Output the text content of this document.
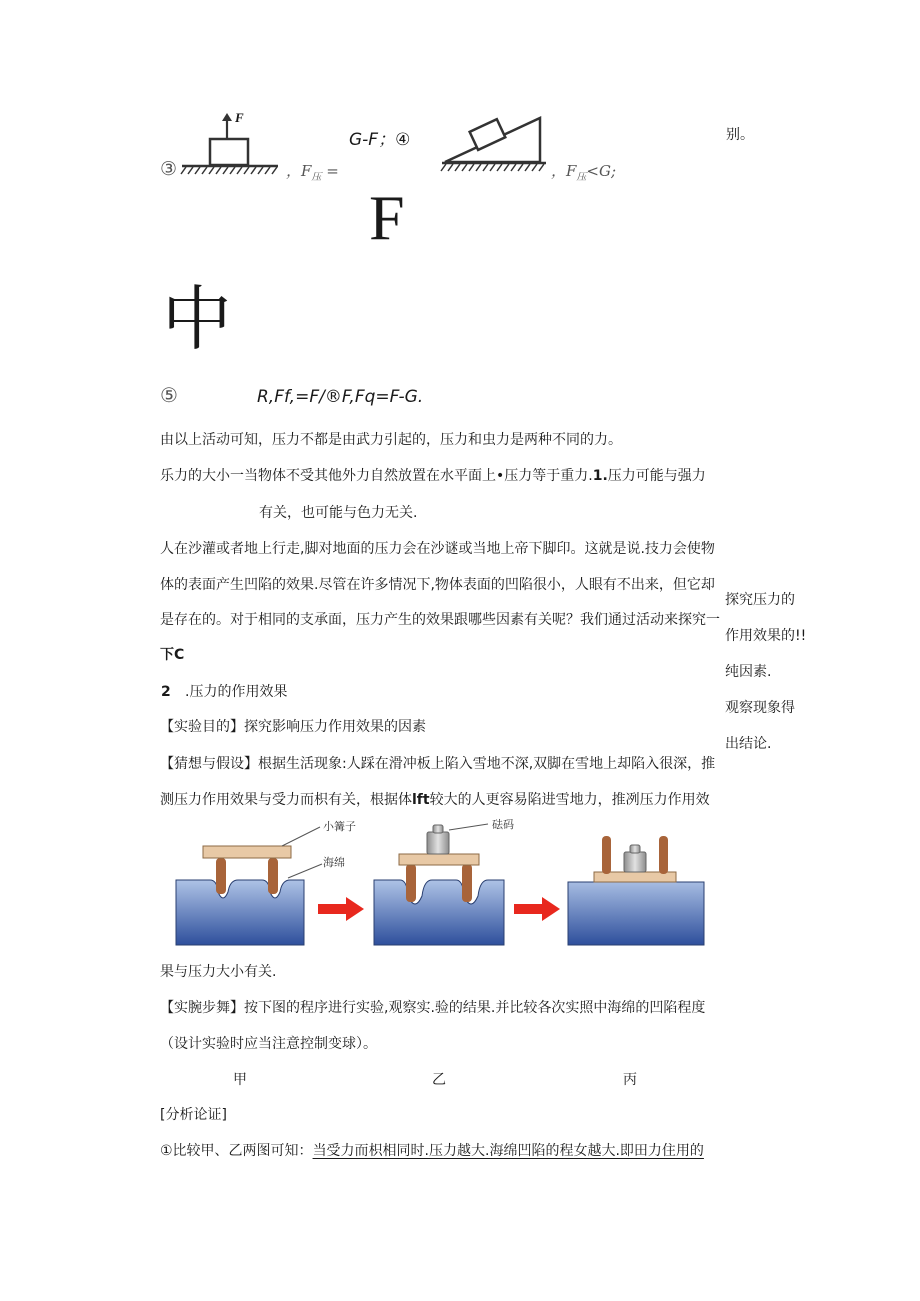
③
F
，$F_压$ =
G-F；④
，$F_压<G$;
别。
F
中
⑤	R,Ff,=F/®F,Fq=F-G.
由以上活动可知，压力不都是由武力引起的，压力和虫力是两种不同的力。
乐力的大小一当物体不受其他外力自然放置在水平面上•压力等于重力.1.压力可能与强力
有关，也可能与色力无关.
人在沙灌或者地上行走,脚对地面的压力会在沙谜或当地上帝下脚印。这就是说.技力会使物
体的表面产生凹陷的效果.尽管在许多情况下,物体表面的凹陷很小，人眼有不出来，但它却
是存在的。对于相同的支承面，压力产生的效果跟哪些因素有关呢？我们通过活动来探究一
下C
探究压力的
作用效果的!!
纯因素.
观察现象得
出结论.
2 .压力的作用效果
【实验目的】探究影响压力作用效果的因素
【猜想与假设】根据生活现象:人踩在滑冲板上陷入雪地不深,双脚在雪地上却陷入很深，推
测压力作用效果与受力而枳有关，根据体lft较大的人更容易陷进雪地力，推冽压力作用效
小篝子
海绵
砝码
果与压力大小有关.
【实腕步舞】按下图的程序进行实验,观察实.验的结果.并比较各次实照中海绵的凹陷程度
（设计实验时应当注意控制变球）。
甲	乙	丙
[分析论证]
①比较甲、乙两图可知：当受力而枳相同时.压力越大.海绵凹陷的程女越大.即田力住用的
